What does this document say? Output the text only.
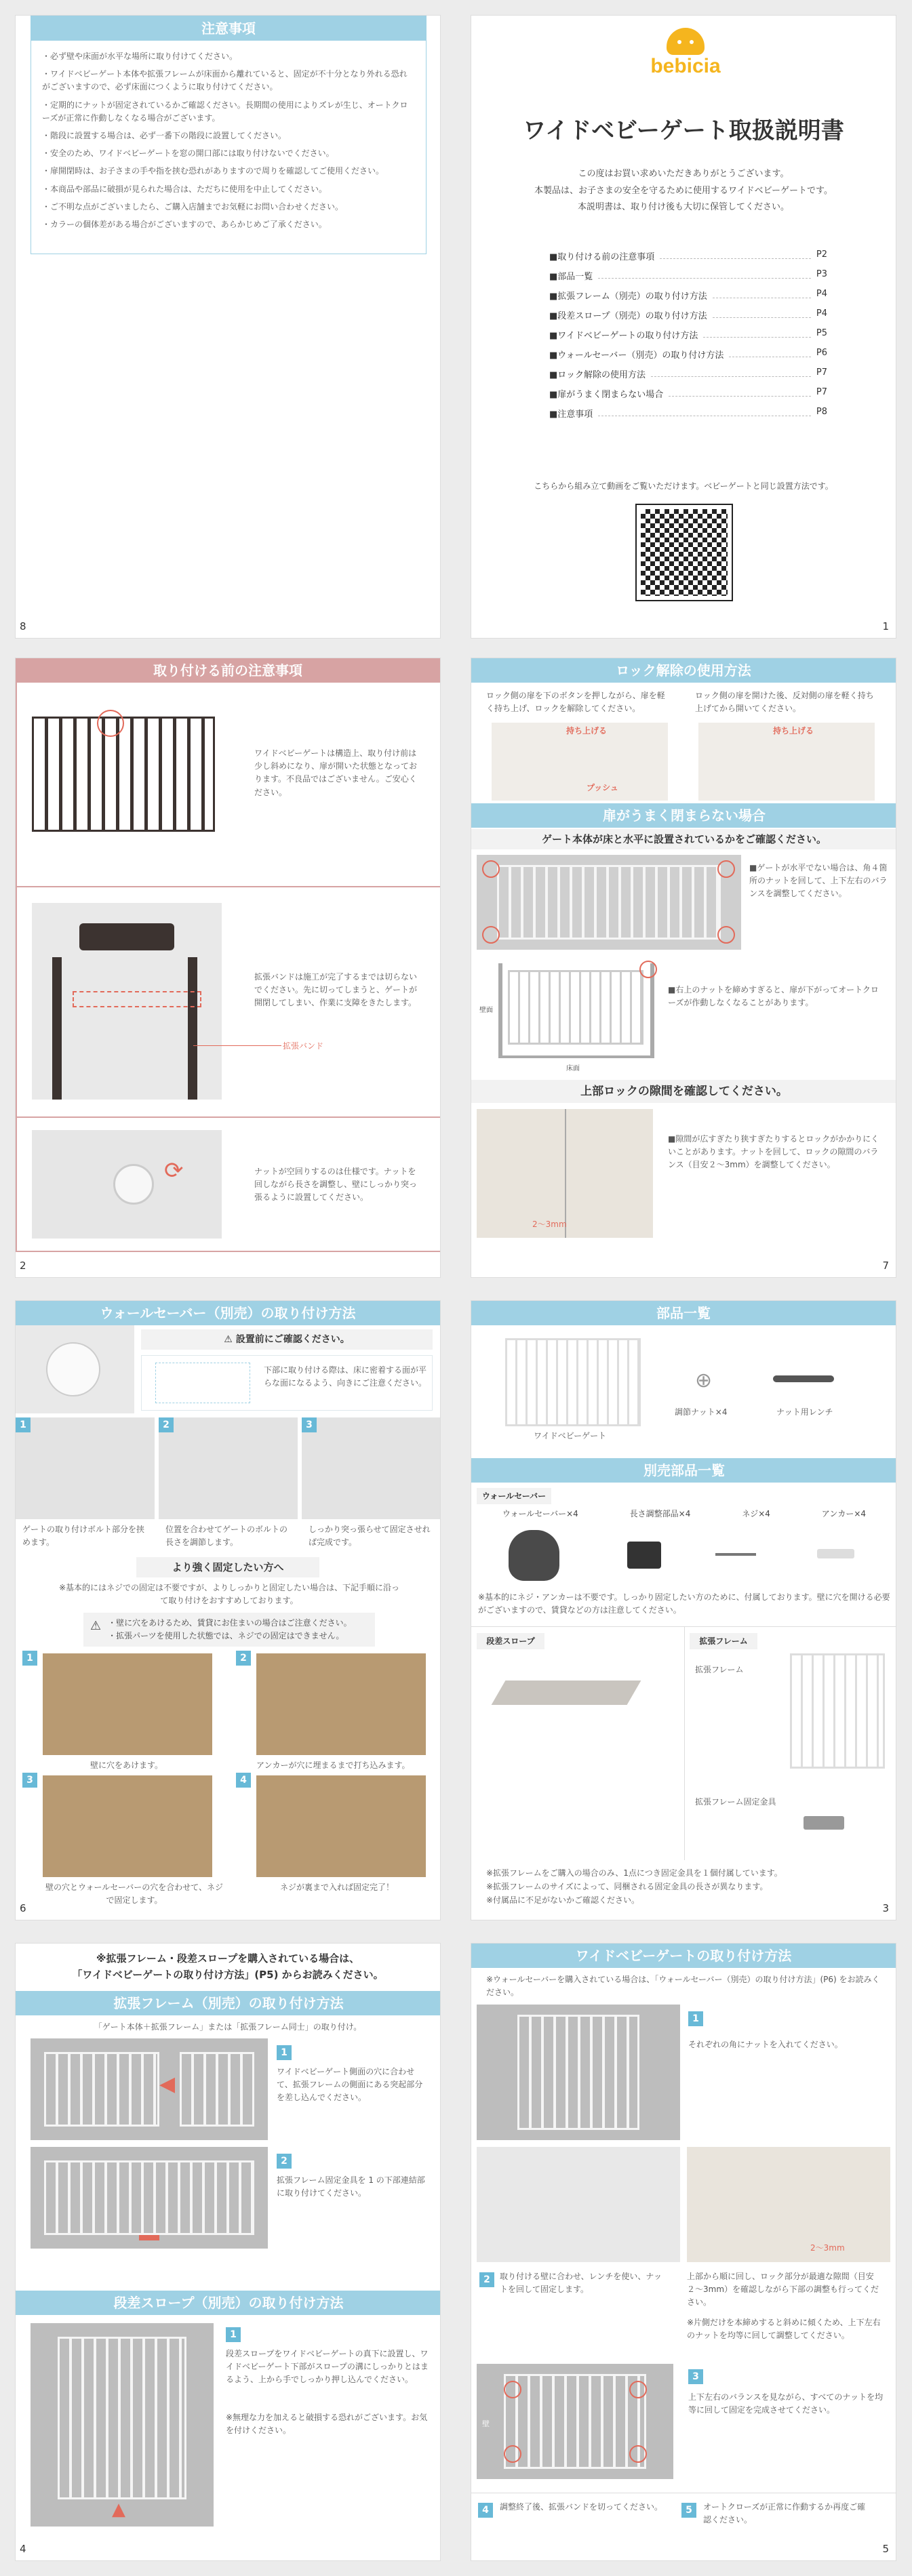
注意事項
・必ず壁や床面が水平な場所に取り付けてください。
・ワイドベビーゲート本体や拡張フレームが床面から離れていると、固定が不十分となり外れる恐れがございますので、必ず床面につくように取り付けてください。
・定期的にナットが固定されているかご確認ください。長期間の使用によりズレが生じ、オートクローズが正常に作動しなくなる場合がございます。
・階段に設置する場合は、必ず一番下の階段に設置してください。
・安全のため、ワイドベビーゲートを窓の開口部には取り付けないでください。
・扉開閉時は、お子さまの手や指を挟む恐れがありますので周りを確認してご使用ください。
・本商品や部品に破損が見られた場合は、ただちに使用を中止してください。
・ご不明な点がございましたら、ご購入店舗までお気軽にお問い合わせください。
・カラーの個体差がある場合がございますので、あらかじめご了承ください。
8
bebicia
ワイドベビーゲート取扱説明書
この度はお買い求めいただきありがとうございます。
本製品は、お子さまの安全を守るために使用するワイドベビーゲートです。
本説明書は、取り付け後も大切に保管してください。
■取り付ける前の注意事項	P2
■部品一覧	P3
■拡張フレーム（別売）の取り付け方法	P4
■段差スロープ（別売）の取り付け方法	P4
■ワイドベビーゲートの取り付け方法	P5
■ウォールセーバー（別売）の取り付け方法	P6
■ロック解除の使用方法	P7
■扉がうまく閉まらない場合	P7
■注意事項	P8
こちらから組み立て動画をご覧いただけます。ベビーゲートと同じ設置方法です。
1
取り付ける前の注意事項
ワイドベビーゲートは構造上、取り付け前は少し斜めになり、扉が開いた状態となっております。不良品ではございません。ご安心ください。
拡張バンド
拡張バンドは施工が完了するまでは切らないでください。先に切ってしまうと、ゲートが開閉してしまい、作業に支障をきたします。
⟳	ナットが空回りするのは仕様です。ナットを回しながら長さを調整し、壁にしっかり突っ張るように設置してください。
2
ロック解除の使用方法
ロック側の扉を下のボタンを押しながら、扉を軽く持ち上げ、ロックを解除してください。
ロック側の扉を開けた後、反対側の扉を軽く持ち上げてから開いてください。
持ち上げる
プッシュ
持ち上げる
扉がうまく閉まらない場合
ゲート本体が床と水平に設置されているかをご確認ください。
■ゲートが水平でない場合は、角４箇所のナットを回して、上下左右のバランスを調整してください。
壁面
床面
■右上のナットを締めすぎると、扉が下がってオートクローズが作動しなくなることがあります。
上部ロックの隙間を確認してください。
2〜3mm
■隙間が広すぎたり狭すぎたりするとロックがかかりにくいことがあります。ナットを回して、ロックの隙間のバランス（目安２〜3mm）を調整してください。
7
ウォールセーバー（別売）の取り付け方法
⚠ 設置前にご確認ください。
下部に取り付ける際は、床に密着する面が平らな面になるよう、向きにご注意ください。
1	2	3
ゲートの取り付けボルト部分を挟めます。
位置を合わせてゲートのボルトの長さを調節します。
しっかり突っ張らせて固定させれば完成です。
より強く固定したい方へ
※基本的にはネジでの固定は不要ですが、よりしっかりと固定したい場合は、下記手順に沿って取り付けをおすすめしております。
⚠ ・壁に穴をあけるため、賃貸にお住まいの場合はご注意ください。
・拡張パーツを使用した状態では、ネジでの固定はできません。
1	2
壁に穴をあけます。	アンカーが穴に埋まるまで打ち込みます。
3	4
壁の穴とウォールセーバーの穴を合わせて、ネジで固定します。
ネジが裏まで入れば固定完了！
6
部品一覧
ワイドベビーゲート
⊕
調節ナット×4	ナット用レンチ
別売部品一覧
ウォールセーバー
ウォールセーバー×4	長さ調整部品×4	ネジ×4	アンカー×4
※基本的にネジ・アンカーは不要です。しっかり固定したい方のために、付属しております。壁に穴を開ける必要がございますので、賃貸などの方は注意してください。
段差スロープ	拡張フレーム
拡張フレーム
拡張フレーム固定金具
※拡張フレームをご購入の場合のみ、1点につき固定金具を１個付属しています。
※拡張フレームのサイズによって、同梱される固定金具の長さが異なります。
※付属品に不足がないかご確認ください。
3
※拡張フレーム・段差スロープを購入されている場合は、
「ワイドベビーゲートの取り付け方法」(P5) からお読みください。
拡張フレーム（別売）の取り付け方法
「ゲート本体＋拡張フレーム」または「拡張フレーム同士」の取り付け。
◀
1
ワイドベビーゲート側面の穴に合わせて、拡張フレームの側面にある突起部分を差し込んでください。
2
拡張フレーム固定金具を 1 の下部連結部に取り付けてください。
段差スロープ（別売）の取り付け方法
▲
1
段差スロープをワイドベビーゲートの真下に設置し、ワイドベビーゲート下部がスロープの溝にしっかりとはまるよう、上から手でしっかり押し込んでください。
※無理な力を加えると破損する恐れがございます。お気を付けください。
4
ワイドベビーゲートの取り付け方法
※ウォールセーバーを購入されている場合は、「ウォールセーバー（別売）の取り付け方法」(P6) をお読みください。
1
それぞれの角にナットを入れてください。
2〜3mm
2	取り付ける壁に合わせ、レンチを使い、ナットを回して固定します。
上部から順に回し、ロック部分が最適な隙間（目安２〜3mm）を確認しながら下部の調整も行ってください。
※片側だけを本締めすると斜めに傾くため、上下左右のナットを均等に回して調整してください。
壁
3
上下左右のバランスを見ながら、すべてのナットを均等に回して固定を完成させてください。
4	調整終了後、拡張バンドを切ってください。	5	オートクローズが正常に作動するか再度ご確認ください。
5
